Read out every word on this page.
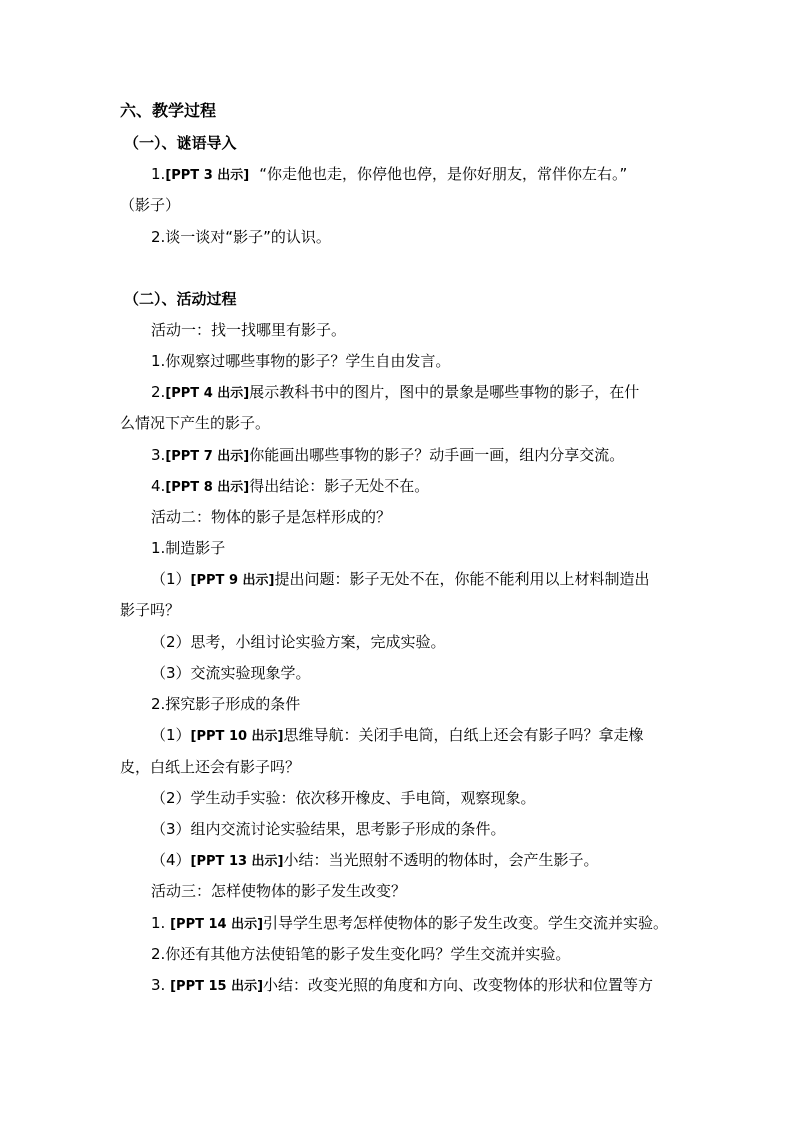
六、教学过程
（一）、谜语导入
1.[PPT 3 出示] “你走他也走，你停他也停，是你好朋友，常伴你左右。”
（影子）
2.谈一谈对“影子”的认识。
（二）、活动过程
活动一：找一找哪里有影子。
1.你观察过哪些事物的影子？学生自由发言。
2.[PPT 4 出示]展示教科书中的图片，图中的景象是哪些事物的影子，在什
么情况下产生的影子。
3.[PPT 7 出示]你能画出哪些事物的影子？动手画一画，组内分享交流。
4.[PPT 8 出示]得出结论：影子无处不在。
活动二：物体的影子是怎样形成的？
1.制造影子
（1）[PPT 9 出示]提出问题：影子无处不在，你能不能利用以上材料制造出
影子吗？
（2）思考，小组讨论实验方案，完成实验。
（3）交流实验现象学。
2.探究影子形成的条件
（1）[PPT 10 出示]思维导航：关闭手电筒，白纸上还会有影子吗？拿走橡
皮，白纸上还会有影子吗？
（2）学生动手实验：依次移开橡皮、手电筒，观察现象。
（3）组内交流讨论实验结果，思考影子形成的条件。
（4）[PPT 13 出示]小结：当光照射不透明的物体时，会产生影子。
活动三：怎样使物体的影子发生改变？
1. [PPT 14 出示]引导学生思考怎样使物体的影子发生改变。学生交流并实验。
2.你还有其他方法使铅笔的影子发生变化吗？学生交流并实验。
3. [PPT 15 出示]小结：改变光照的角度和方向、改变物体的形状和位置等方
